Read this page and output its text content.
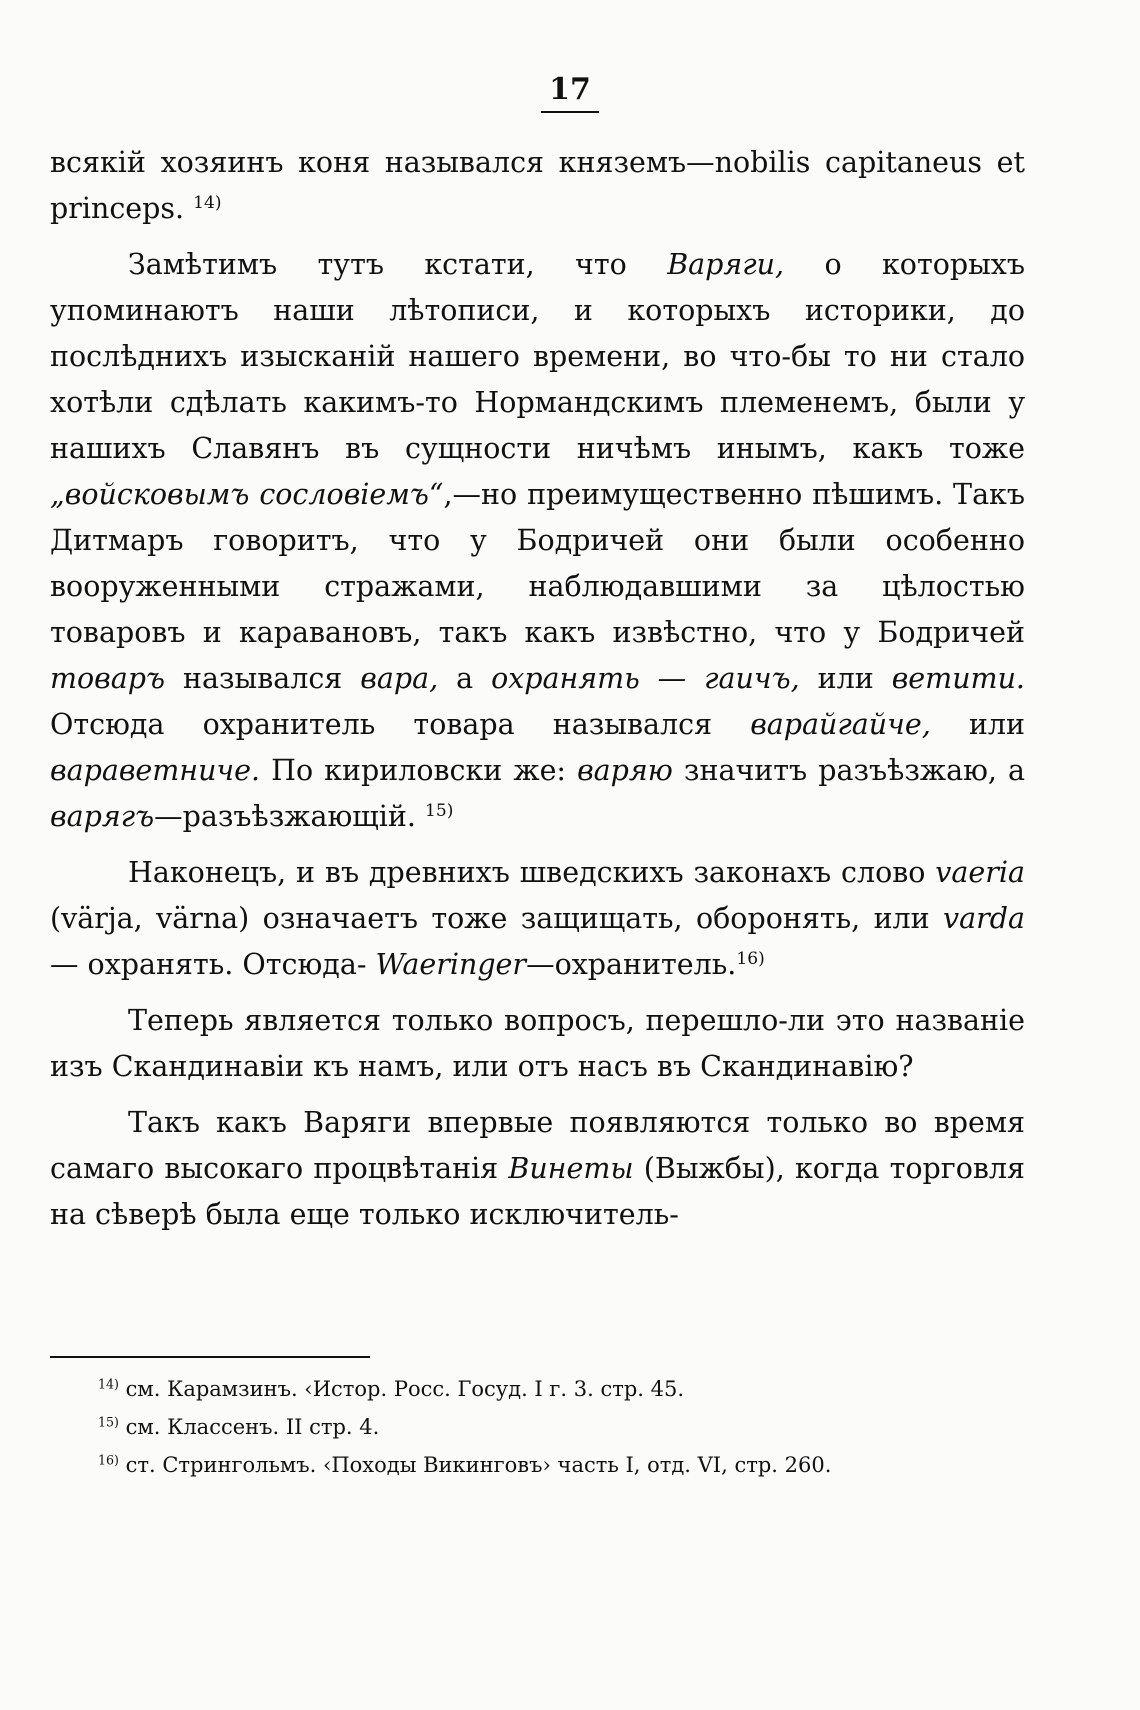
17

всякій хозяинъ коня назывался княземъ—nobilis capitaneus et princeps. $^{14)}$

Замѣтимъ тутъ кстати, что Варяги, о которыхъ упоминаютъ наши лѣтописи, и которыхъ историки, до послѣднихъ изысканій нашего времени, во что-бы то ни стало хотѣли сдѣлать какимъ-то Нормандскимъ племенемъ, были у нашихъ Славянъ въ сущности ничѣмъ инымъ, какъ тоже „войсковымъ сословіемъ“,—но преимущественно пѣшимъ. Такъ Дитмаръ говоритъ, что у Бодричей они были особенно вооруженными стражами, наблюдавшими за цѣлостью товаровъ и каравановъ, такъ какъ извѣстно, что у Бодричей товаръ назывался вара, а охранять — гаичъ, или ветити. Отсюда охранитель товара назывался варайгайче, или вараветниче. По кириловски же: варяю значитъ разъѣзжаю, а варягъ—разъѣзжающій. $^{15)}$

Наконецъ, и въ древнихъ шведскихъ законахъ слово vaeria (värja, värna) означаетъ тоже защищать, оборонять, или varda — охранять. Отсюда- Waeringer—охранитель.$^{16)}$

Теперь является только вопросъ, перешло-ли это названіе изъ Скандинавіи къ намъ, или отъ насъ въ Скандинавію?

Такъ какъ Варяги впервые появляются только во время самаго высокаго процвѣтанія Винеты (Выжбы), когда торговля на сѣверѣ была еще только исключитель-

$^{14)}$ см. Карамзинъ. ‹Истор. Росс. Госуд. I г. 3. стр. 45.
$^{15)}$ см. Классенъ. II стр. 4.
$^{16)}$ ст. Стрингольмъ. ‹Походы Викинговъ› часть I, отд. VI, стр. 260.
